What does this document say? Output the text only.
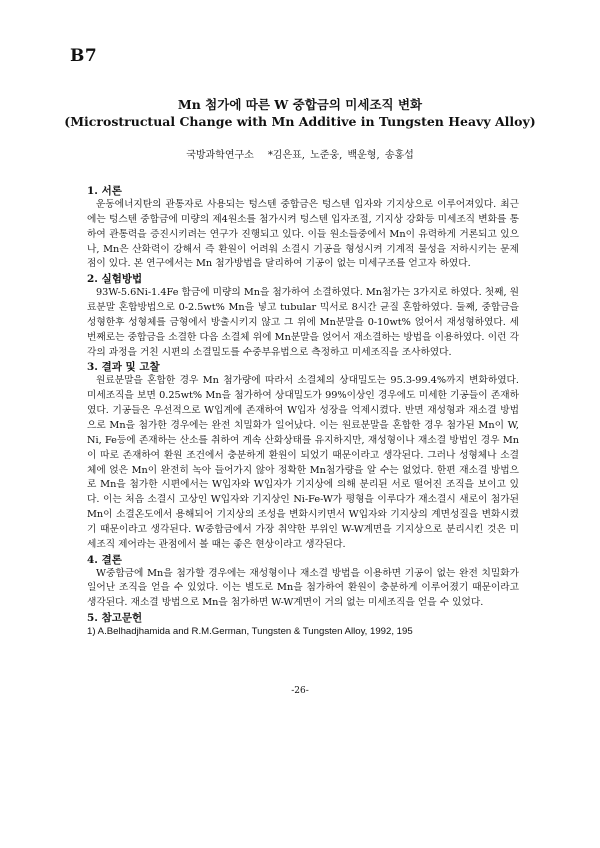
B7
Mn 첨가에 따른 W 중합금의 미세조직 변화
(Microstructual Change with Mn Additive in Tungsten Heavy Alloy)
국방과학연구소 *김은표, 노준웅, 백운형, 송홍섭

1. 서론

운동에너지탄의 관통자로 사용되는 텅스텐 중합금은 텅스텐 입자와 기지상으로 이루어져있다. 최근에는 텅스텐 중합금에 미량의 제4원소를 첨가시켜 텅스텐 입자조절, 기지상 강화등 미세조직 변화를 통하여 관통력을 증진시키려는 연구가 진행되고 있다. 이들 원소들중에서 Mn이 유력하게 거론되고 있으나, Mn은 산화력이 강해서 즉 환원이 어려워 소결시 기공을 형성시켜 기계적 물성을 저하시키는 문제점이 있다. 본 연구에서는 Mn 첨가방법을 달리하여 기공이 없는 미세구조를 얻고자 하였다.

2. 실험방법

93W-5.6Ni-1.4Fe 합금에 미량의 Mn을 첨가하여 소결하였다. Mn첨가는 3가지로 하였다. 첫째, 원료분말 혼합방법으로 0-2.5wt% Mn을 넣고 tubular 믹서로 8시간 균질 혼합하였다. 둘째, 중합금을 성형한후 성형체를 금형에서 방출시키지 않고 그 위에 Mn분말을 0-10wt% 얹어서 재성형하였다. 세번째로는 중합금을 소결한 다음 소결체 위에 Mn분말을 얹어서 재소결하는 방법을 이용하였다. 이런 각각의 과정을 거친 시편의 소결밀도를 수중부유법으로 측정하고 미세조직을 조사하였다.

3. 결과 및 고찰

원료분말을 혼합한 경우 Mn 첨가량에 따라서 소결체의 상대밀도는 95.3-99.4%까지 변화하였다. 미세조직을 보면 0.25wt% Mn을 첨가하여 상대밀도가 99%이상인 경우에도 미세한 기공들이 존재하였다. 기공들은 우선적으로 W입계에 존재하여 W입자 성장을 억제시켰다. 반면 재성형과 재소결 방법으로 Mn을 첨가한 경우에는 완전 치밀화가 일어났다. 이는 원료분말을 혼합한 경우 첨가된 Mn이 W, Ni, Fe등에 존재하는 산소를 취하여 계속 산화상태를 유지하지만, 재성형이나 재소결 방법인 경우 Mn이 따로 존재하여 환원 조건에서 충분하게 환원이 되었기 때문이라고 생각된다. 그러나 성형체나 소결체에 얹은 Mn이 완전히 녹아 들어가지 않아 정확한 Mn첨가량을 알 수는 없었다. 한편 재소결 방법으로 Mn을 첨가한 시편에서는 W입자와 W입자가 기지상에 의해 분리된 서로 떨어진 조직을 보이고 있다. 이는 처음 소결시 고상인 W입자와 기지상인 Ni-Fe-W가 평형을 이루다가 재소결시 새로이 첨가된 Mn이 소결온도에서 용해되어 기지상의 조성을 변화시키면서 W입자와 기지상의 계면성질을 변화시켰기 때문이라고 생각된다. W중합금에서 가장 취약한 부위인 W-W계면을 기지상으로 분리시킨 것은 미세조직 제어라는 관점에서 볼 때는 좋은 현상이라고 생각된다.

4. 결론

W중합금에 Mn을 첨가할 경우에는 재성형이나 재소결 방법을 이용하면 기공이 없는 완전 치밀화가 일어난 조직을 얻을 수 있었다. 이는 별도로 Mn을 첨가하여 환원이 충분하게 이루어졌기 때문이라고 생각된다. 재소결 방법으로 Mn을 첨가하면 W-W계면이 거의 없는 미세조직을 얻을 수 있었다.

5. 참고문헌

1) A.Belhadjhamida and R.M.German, Tungsten & Tungsten Alloy, 1992, 195

-26-
